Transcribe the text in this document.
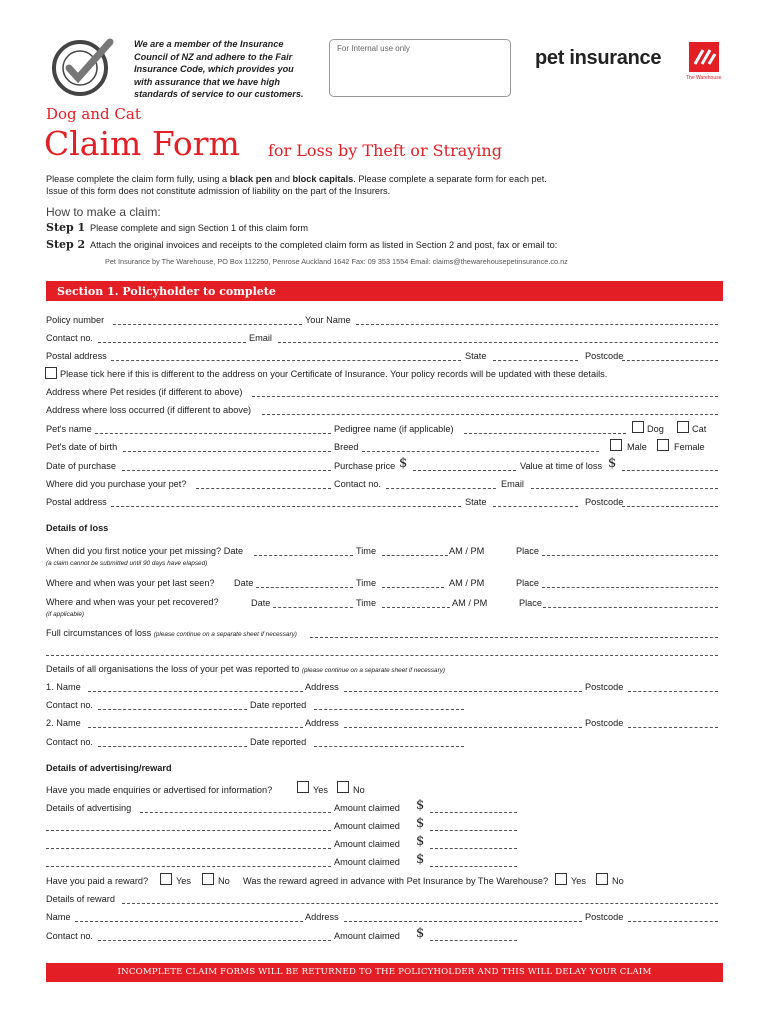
We are a member of the Insurance
Council of NZ and adhere to the Fair
Insurance Code, which provides you
with assurance that we have high
standards of service to our customers.
For Internal use only	pet insurance
The Warehouse
Dog and Cat
Claim Form for Loss by Theft or Straying
Please complete the claim form fully, using a black pen and block capitals. Please complete a separate form for each pet.
Issue of this form does not constitute admission of liability on the part of the Insurers.
How to make a claim:
Step 1 Please complete and sign Section 1 of this claim form
Step 2 Attach the original invoices and receipts to the completed claim form as listed in Section 2 and post, fax or email to:
Pet Insurance by The Warehouse, PO Box 112250, Penrose Auckland 1642 Fax: 09 353 1554 Email: claims@thewarehousepetinsurance.co.nz
Section 1. Policyholder to complete
Policy number	Your Name
Contact no.	Email
Postal address	State	Postcode
Please tick here if this is different to the address on your Certificate of Insurance. Your policy records will be updated with these details.
Address where Pet resides (if different to above)
Address where loss occurred (if different to above)
Pet's name	Pedigree name (if applicable)	Dog	Cat
Pet's date of birth	Breed	Male	Female
Date of purchase	Purchase price $	Value at time of loss $
Where did you purchase your pet?	Contact no.	Email
Postal address	State	Postcode
Details of loss
When did you first notice your pet missing? Date	Time	AM / PM	Place
(a claim cannot be submitted until 90 days have elapsed)
Where and when was your pet last seen? Date	Time	AM / PM	Place
Where and when was your pet recovered?	Date	Time	AM / PM	Place
(if applicable)
Full circumstances of loss (please continue on a separate sheet if necessary)
Details of all organisations the loss of your pet was reported to (please continue on a separate sheet if necessary)
1. Name	Address	Postcode
Contact no.	Date reported
2. Name	Address	Postcode
Contact no.	Date reported
Details of advertising/reward
Have you made enquiries or advertised for information?	Yes	No
Details of advertising	Amount claimed $
Amount claimed $
Amount claimed $
Amount claimed $
Have you paid a reward?	Yes	No Was the reward agreed in advance with Pet Insurance by The Warehouse? Yes	No
Details of reward
Name	Address	Postcode
Contact no.	Amount claimed $
INCOMPLETE CLAIM FORMS WILL BE RETURNED TO THE POLICYHOLDER AND THIS WILL DELAY YOUR CLAIM
